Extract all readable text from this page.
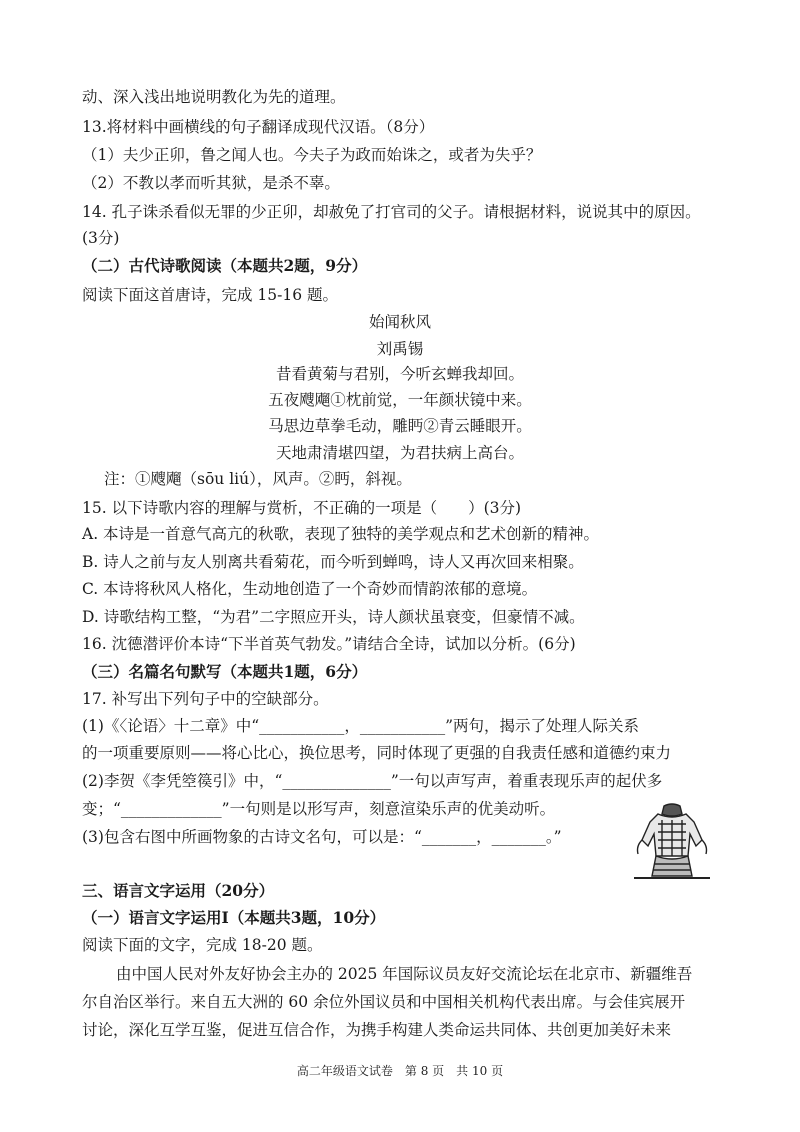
动、深入浅出地说明教化为先的道理。
13.将材料中画横线的句子翻译成现代汉语。（8分）
（1）夫少正卯，鲁之闻人也。今夫子为政而始诛之，或者为失乎？
（2）不教以孝而听其狱，是杀不辜。
14. 孔子诛杀看似无罪的少正卯，却赦免了打官司的父子。请根据材料，说说其中的原因。
(3分)
（二）古代诗歌阅读（本题共2题，9分）
阅读下面这首唐诗，完成 15-16 题。
始闻秋风
刘禹锡
昔看黄菊与君别，今听玄蝉我却回。
五夜飕飗①枕前觉，一年颜状镜中来。
马思边草拳毛动，雕眄②青云睡眼开。
天地肃清堪四望，为君扶病上高台。
注：①飕飗（sōu liú），风声。②眄，斜视。
15. 以下诗歌内容的理解与赏析，不正确的一项是（　　）(3分)
A. 本诗是一首意气高亢的秋歌，表现了独特的美学观点和艺术创新的精神。
B. 诗人之前与友人别离共看菊花，而今听到蝉鸣，诗人又再次回来相聚。
C. 本诗将秋风人格化，生动地创造了一个奇妙而情韵浓郁的意境。
D. 诗歌结构工整，“为君”二字照应开头，诗人颜状虽衰变，但豪情不减。
16. 沈德潜评价本诗“下半首英气勃发。”请结合全诗，试加以分析。(6分)
（三）名篇名句默写（本题共1题，6分）
17. 补写出下列句子中的空缺部分。
(1)《〈论语〉十二章》中“___________，___________”两句，揭示了处理人际关系
的一项重要原则——将心比心，换位思考，同时体现了更强的自我责任感和道德约束力
(2)李贺《李凭箜篌引》中，“______________”一句以声写声，着重表现乐声的起伏多
变；“_____________”一句则是以形写声，刻意渲染乐声的优美动听。
(3)包含右图中所画物象的古诗文名句，可以是：“_______，_______。”
三、语言文字运用（20分）
（一）语言文字运用Ⅰ（本题共3题，10分）
阅读下面的文字，完成 18-20 题。
由中国人民对外友好协会主办的 2025 年国际议员友好交流论坛在北京市、新疆维吾
尔自治区举行。来自五大洲的 60 余位外国议员和中国相关机构代表出席。与会佳宾展开
讨论，深化互学互鉴，促进互信合作，为携手构建人类命运共同体、共创更加美好未来
高二年级语文试卷　第 8 页　共 10 页
